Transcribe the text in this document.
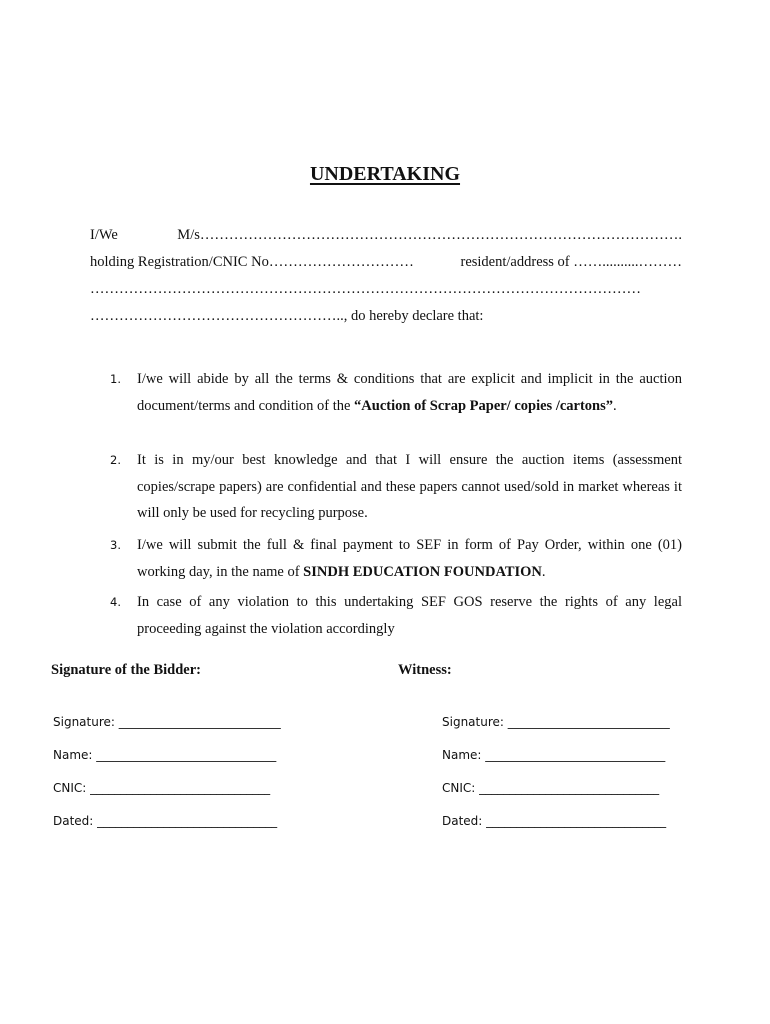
UNDERTAKING
I/We	M/s……………………………………………………………………………………….
holding Registration/CNIC No…………………………	resident/address of ……..........………
……………………………………………………………………………………………………
…………………………………………….., do hereby declare that:
1.	I/we will abide by all the terms & conditions that are explicit and implicit in the auction document/terms and condition of the “Auction of Scrap Paper/ copies /cartons”.
2.	It is in my/our best knowledge and that I will ensure the auction items (assessment copies/scrape papers) are confidential and these papers cannot used/sold in market whereas it will only be used for recycling purpose.
3.	I/we will submit the full & final payment to SEF in form of Pay Order, within one (01) working day, in the name of SINDH EDUCATION FOUNDATION.
4.	In case of any violation to this undertaking SEF GOS reserve the rights of any legal proceeding against the violation accordingly
Signature of the Bidder:	Witness:
Signature: ___________________________
Name: ______________________________
CNIC: ______________________________
Dated: ______________________________
Signature: ___________________________
Name: ______________________________
CNIC: ______________________________
Dated: ______________________________
